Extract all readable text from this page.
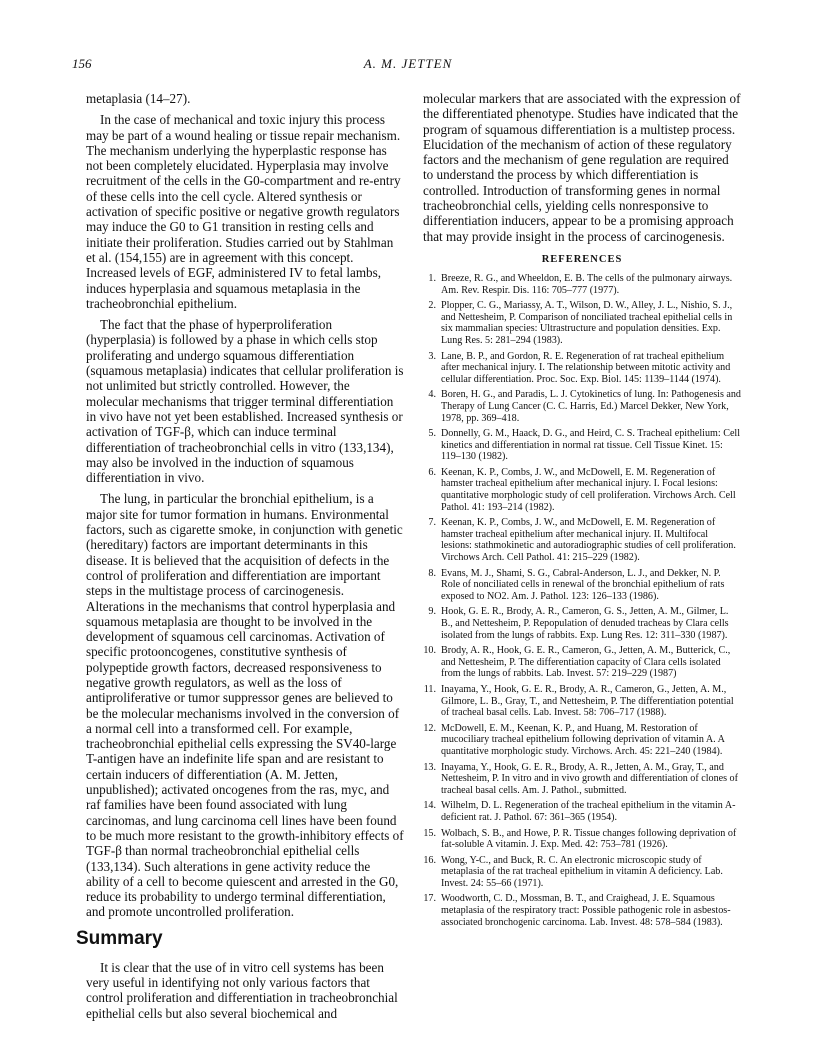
156	A. M. JETTEN

metaplasia (14–27).

In the case of mechanical and toxic injury this process may be part of a wound healing or tissue repair mechanism. The mechanism underlying the hyperplastic response has not been completely elucidated. Hyperplasia may involve recruitment of the cells in the G0-compartment and re-entry of these cells into the cell cycle. Altered synthesis or activation of specific positive or negative growth regulators may induce the G0 to G1 transition in resting cells and initiate their proliferation. Studies carried out by Stahlman et al. (154,155) are in agreement with this concept. Increased levels of EGF, administered IV to fetal lambs, induces hyperplasia and squamous metaplasia in the tracheobronchial epithelium.

The fact that the phase of hyperproliferation (hyperplasia) is followed by a phase in which cells stop proliferating and undergo squamous differentiation (squamous metaplasia) indicates that cellular proliferation is not unlimited but strictly controlled. However, the molecular mechanisms that trigger terminal differentiation in vivo have not yet been established. Increased synthesis or activation of TGF-β, which can induce terminal differentiation of tracheobronchial cells in vitro (133,134), may also be involved in the induction of squamous differentiation in vivo.

The lung, in particular the bronchial epithelium, is a major site for tumor formation in humans. Environmental factors, such as cigarette smoke, in conjunction with genetic (hereditary) factors are important determinants in this disease. It is believed that the acquisition of defects in the control of proliferation and differentiation are important steps in the multistage process of carcinogenesis. Alterations in the mechanisms that control hyperplasia and squamous metaplasia are thought to be involved in the development of squamous cell carcinomas. Activation of specific protooncogenes, constitutive synthesis of polypeptide growth factors, decreased responsiveness to negative growth regulators, as well as the loss of antiproliferative or tumor suppressor genes are believed to be the molecular mechanisms involved in the conversion of a normal cell into a transformed cell. For example, tracheobronchial epithelial cells expressing the SV40-large T-antigen have an indefinite life span and are resistant to certain inducers of differentiation (A. M. Jetten, unpublished); activated oncogenes from the ras, myc, and raf families have been found associated with lung carcinomas, and lung carcinoma cell lines have been found to be much more resistant to the growth-inhibitory effects of TGF-β than normal tracheobronchial epithelial cells (133,134). Such alterations in gene activity reduce the ability of a cell to become quiescent and arrested in the G0, reduce its probability to undergo terminal differentiation, and promote uncontrolled proliferation.

Summary

It is clear that the use of in vitro cell systems has been very useful in identifying not only various factors that control proliferation and differentiation in tracheobronchial epithelial cells but also several biochemical and

molecular markers that are associated with the expression of the differentiated phenotype. Studies have indicated that the program of squamous differentiation is a multistep process. Elucidation of the mechanism of action of these regulatory factors and the mechanism of gene regulation are required to understand the process by which differentiation is controlled. Introduction of transforming genes in normal tracheobronchial cells, yielding cells nonresponsive to differentiation inducers, appear to be a promising approach that may provide insight in the process of carcinogenesis.

REFERENCES
1. Breeze, R. G., and Wheeldon, E. B. The cells of the pulmonary airways. Am. Rev. Respir. Dis. 116: 705–777 (1977).
2. Plopper, C. G., Mariassy, A. T., Wilson, D. W., Alley, J. L., Nishio, S. J., and Nettesheim, P. Comparison of nonciliated tracheal epithelial cells in six mammalian species: Ultrastructure and population densities. Exp. Lung Res. 5: 281–294 (1983).
3. Lane, B. P., and Gordon, R. E. Regeneration of rat tracheal epithelium after mechanical injury. I. The relationship between mitotic activity and cellular differentiation. Proc. Soc. Exp. Biol. 145: 1139–1144 (1974).
4. Boren, H. G., and Paradis, L. J. Cytokinetics of lung. In: Pathogenesis and Therapy of Lung Cancer (C. C. Harris, Ed.) Marcel Dekker, New York, 1978, pp. 369–418.
5. Donnelly, G. M., Haack, D. G., and Heird, C. S. Tracheal epithelium: Cell kinetics and differentiation in normal rat tissue. Cell Tissue Kinet. 15: 119–130 (1982).
6. Keenan, K. P., Combs, J. W., and McDowell, E. M. Regeneration of hamster tracheal epithelium after mechanical injury. I. Focal lesions: quantitative morphologic study of cell proliferation. Virchows Arch. Cell Pathol. 41: 193–214 (1982).
7. Keenan, K. P., Combs, J. W., and McDowell, E. M. Regeneration of hamster tracheal epithelium after mechanical injury. II. Multifocal lesions: stathmokinetic and autoradiographic studies of cell proliferation. Virchows Arch. Cell Pathol. 41: 215–229 (1982).
8. Evans, M. J., Shami, S. G., Cabral-Anderson, L. J., and Dekker, N. P. Role of nonciliated cells in renewal of the bronchial epithelium of rats exposed to NO2. Am. J. Pathol. 123: 126–133 (1986).
9. Hook, G. E. R., Brody, A. R., Cameron, G. S., Jetten, A. M., Gilmer, L. B., and Nettesheim, P. Repopulation of denuded tracheas by Clara cells isolated from the lungs of rabbits. Exp. Lung Res. 12: 311–330 (1987).
10. Brody, A. R., Hook, G. E. R., Cameron, G., Jetten, A. M., Butterick, C., and Nettesheim, P. The differentiation capacity of Clara cells isolated from the lungs of rabbits. Lab. Invest. 57: 219–229 (1987)
11. Inayama, Y., Hook, G. E. R., Brody, A. R., Cameron, G., Jetten, A. M., Gilmore, L. B., Gray, T., and Nettesheim, P. The differentiation potential of tracheal basal cells. Lab. Invest. 58: 706–717 (1988).
12. McDowell, E. M., Keenan, K. P., and Huang, M. Restoration of mucociliary tracheal epithelium following deprivation of vitamin A. A quantitative morphologic study. Virchows. Arch. 45: 221–240 (1984).
13. Inayama, Y., Hook, G. E. R., Brody, A. R., Jetten, A. M., Gray, T., and Nettesheim, P. In vitro and in vivo growth and differentiation of clones of tracheal basal cells. Am. J. Pathol., submitted.
14. Wilhelm, D. L. Regeneration of the tracheal epithelium in the vitamin A-deficient rat. J. Pathol. 67: 361–365 (1954).
15. Wolbach, S. B., and Howe, P. R. Tissue changes following deprivation of fat-soluble A vitamin. J. Exp. Med. 42: 753–781 (1926).
16. Wong, Y-C., and Buck, R. C. An electronic microscopic study of metaplasia of the rat tracheal epithelium in vitamin A deficiency. Lab. Invest. 24: 55–66 (1971).
17. Woodworth, C. D., Mossman, B. T., and Craighead, J. E. Squamous metaplasia of the respiratory tract: Possible pathogenic role in asbestos-associated bronchogenic carcinoma. Lab. Invest. 48: 578–584 (1983).
